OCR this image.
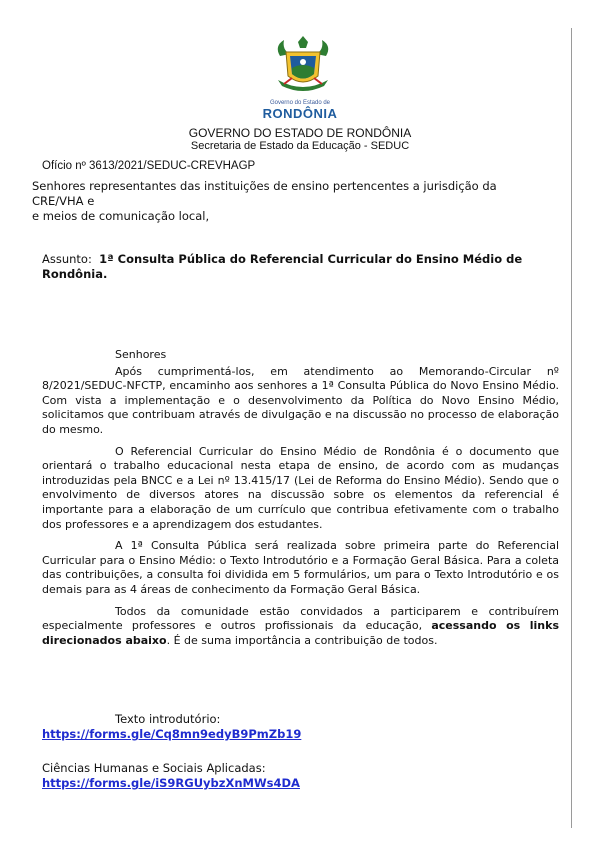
Governo do Estado de
RONDÔNIA
GOVERNO DO ESTADO DE RONDÔNIA
Secretaria de Estado da Educação - SEDUC
Ofício nº 3613/2021/SEDUC-CREVHAGP
Senhores representantes das instituições de ensino pertencentes a jurisdição da
CRE/VHA e
e meios de comunicação local,
Assunto: 1ª Consulta Pública do Referencial Curricular do Ensino Médio de Rondônia.

Senhores

Após cumprimentá-los, em atendimento ao Memorando-Circular nº 8/2021/SEDUC-NFCTP, encaminho aos senhores a 1ª Consulta Pública do Novo Ensino Médio. Com vista a implementação e o desenvolvimento da Política do Novo Ensino Médio, solicitamos que contribuam através de divulgação e na discussão no processo de elaboração do mesmo.

O Referencial Curricular do Ensino Médio de Rondônia é o documento que orientará o trabalho educacional nesta etapa de ensino, de acordo com as mudanças introduzidas pela BNCC e a Lei nº 13.415/17 (Lei de Reforma do Ensino Médio). Sendo que o envolvimento de diversos atores na discussão sobre os elementos da referencial é importante para a elaboração de um currículo que contribua efetivamente com o trabalho dos professores e a aprendizagem dos estudantes.

A 1ª Consulta Pública será realizada sobre primeira parte do Referencial Curricular para o Ensino Médio: o Texto Introdutório e a Formação Geral Básica. Para a coleta das contribuições, a consulta foi dividida em 5 formulários, um para o Texto Introdutório e os demais para as 4 áreas de conhecimento da Formação Geral Básica.

Todos da comunidade estão convidados a participarem e contribuírem especialmente professores e outros profissionais da educação, acessando os links direcionados abaixo. É de suma importância a contribuição de todos.

Texto introdutório:
https://forms.gle/Cq8mn9edyB9PmZb19
Ciências Humanas e Sociais Aplicadas:
https://forms.gle/iS9RGUybzXnMWs4DA
